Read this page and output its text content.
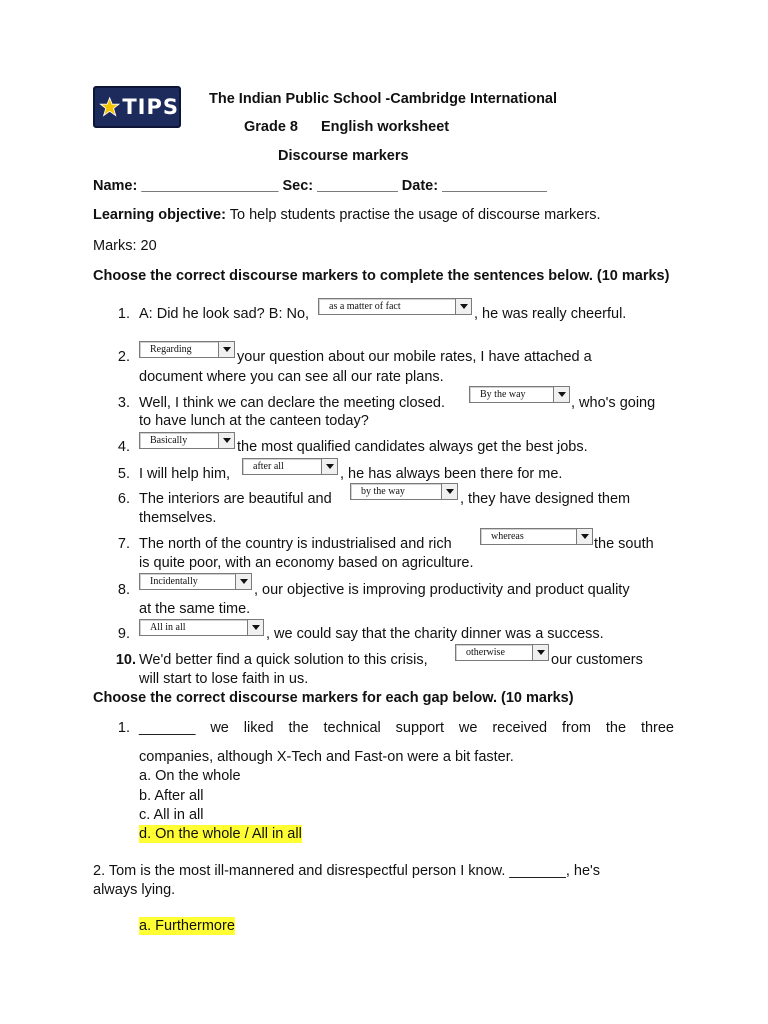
TIPS The Indian Public School -Cambridge International
Grade 8 English worksheet
Discourse markers
Name: _________________ Sec: __________ Date: _____________
Learning objective: To help students practise the usage of discourse markers.
Marks: 20
Choose the correct discourse markers to complete the sentences below. (10 marks)
1. A: Did he look sad? B: No,	as a matter of fact	, he was really cheerful.
2.	Regarding	your question about our mobile rates, I have attached a
document where you can see all our rate plans.
3. Well, I think we can declare the meeting closed.
By the way
, who's going
to have lunch at the canteen today?
4.	Basically	the most qualified candidates always get the best jobs.
5. I will help him,	after all	, he has always been there for me.
6. The interiors are beautiful and	by the way	, they have designed them
themselves.
7. The north of the country is industrialised and rich	whereas	the south
is quite poor, with an economy based on agriculture.
8.
Incidentally
, our objective is improving productivity and product quality
at the same time.
9.	All in all	, we could say that the charity dinner was a success.
10. We'd better find a quick solution to this crisis,	otherwise	our customers
will start to lose faith in us.
Choose the correct discourse markers for each gap below. (10 marks)
1. _______ we liked the technical support we received from the three
companies, although X-Tech and Fast-on were a bit faster.
a. On the whole
b. After all
c. All in all
d. On the whole / All in all
2. Tom is the most ill-mannered and disrespectful person I know. _______, he's
always lying.
a. Furthermore
